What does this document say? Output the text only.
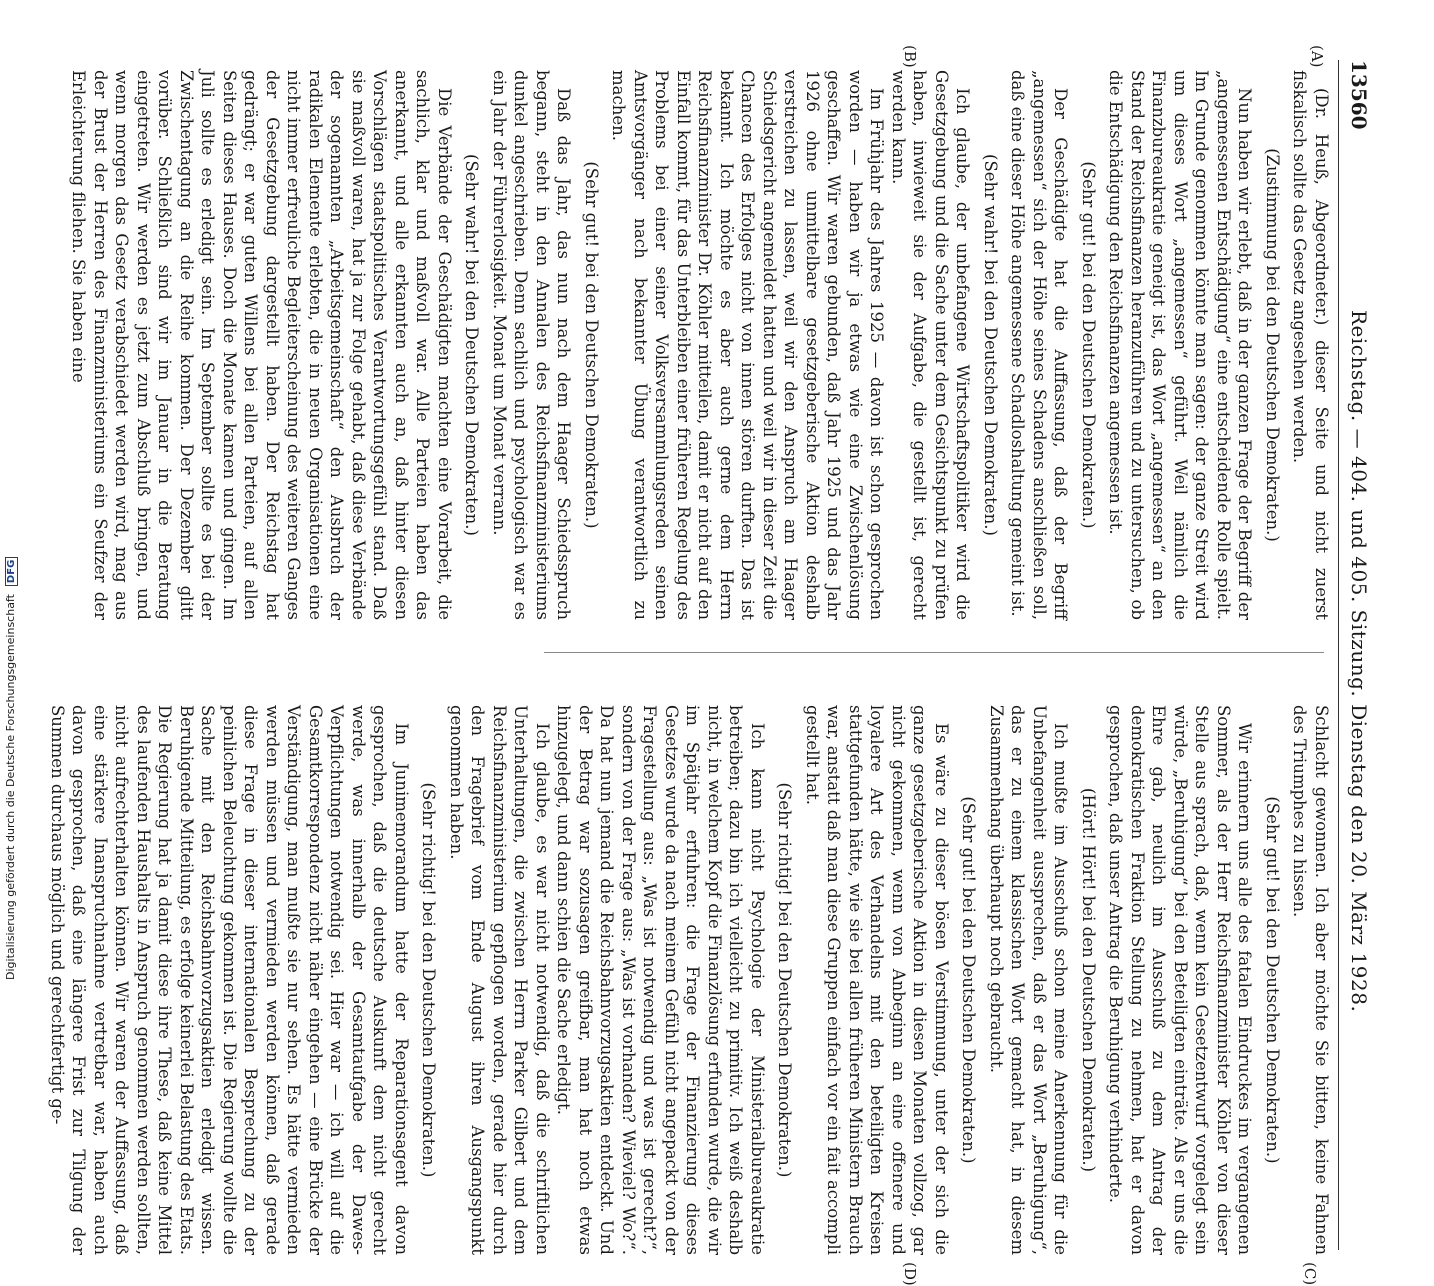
13560
Reichstag. — 404. und 405. Sitzung. Dienstag den 20. März 1928.
(A)
(B)
(C)
(D)

(Dr. Heuß, Abgeordneter.) dieser Seite und nicht zuerst fiskalisch sollte das Gesetz angesehen werden.

(Zustimmung bei den Deutschen Demokraten.)

Nun haben wir erlebt, daß in der ganzen Frage der Begriff der „angemessenen Entschädigung“ eine entscheidende Rolle spielt. Im Grunde genommen könnte man sagen: der ganze Streit wird um dieses Wort „angemessen“ geführt. Weil nämlich die Finanzbureaukratie geneigt ist, das Wort „angemessen“ an den Stand der Reichsfinanzen heranzuführen und zu untersuchen, ob die Entschädigung den Reichsfinanzen angemessen ist.

(Sehr gut! bei den Deutschen Demokraten.)

Der Geschädigte hat die Auffassung, daß der Begriff „angemessen“ sich der Höhe seines Schadens anschließen soll, daß eine dieser Höhe angemessene Schadloshaltung gemeint ist.

(Sehr wahr! bei den Deutschen Demokraten.)

Ich glaube, der unbefangene Wirtschaftspolitiker wird die Gesetzgebung und die Sache unter dem Gesichtspunkt zu prüfen haben, inwieweit sie der Aufgabe, die gestellt ist, gerecht werden kann.

Im Frühjahr des Jahres 1925 — davon ist schon gesprochen worden — haben wir ja etwas wie eine Zwischenlösung geschaffen. Wir waren gebunden, daß Jahr 1925 und das Jahr 1926 ohne unmittelbare gesetzgeberische Aktion deshalb verstreichen zu lassen, weil wir den Anspruch am Haager Schiedsgericht angemeldet hatten und weil wir in dieser Zeit die Chancen des Erfolges nicht von innen stören durften. Das ist bekannt. Ich möchte es aber auch gerne dem Herrn Reichsfinanzminister Dr. Köhler mitteilen, damit er nicht auf den Einfall kommt, für das Unterbleiben einer früheren Regelung des Problems bei einer seiner Volksversammlungsreden seinen Amtsvorgänger nach bekannter Übung verantwortlich zu machen.

(Sehr gut! bei den Deutschen Demokraten.)

Daß das Jahr, das nun nach dem Haager Schiedsspruch begann, steht in den Annalen des Reichsfinanzministeriums dunkel angeschrieben. Denn sachlich und psychologisch war es ein Jahr der Führerlosigkeit. Monat um Monat verrann.

(Sehr wahr! bei den Deutschen Demokraten.)

Die Verbände der Geschädigten machten eine Vorarbeit, die sachlich, klar und maßvoll war. Alle Parteien haben das anerkannt, und alle erkannten auch an, daß hinter diesen Vorschlägen staatspolitisches Verantwortungsgefühl stand. Daß sie maßvoll waren, hat ja zur Folge gehabt, daß diese Verbände der sogenannten „Arbeitsgemeinschaft“ den Ausbruch der radikalen Elemente erlebten, die in neuen Organisationen eine nicht immer erfreuliche Begleiterscheinung des weiteren Ganges der Gesetzgebung dargestellt haben. Der Reichstag hat gedrängt; er war guten Willens bei allen Parteien, auf allen Seiten dieses Hauses. Doch die Monate kamen und gingen. Im Juli sollte es erledigt sein. Im September sollte es bei der Zwischentagung an die Reihe kommen. Der Dezember glitt vorüber. Schließlich sind wir im Januar in die Beratung eingetreten. Wir werden es jetzt zum Abschluß bringen, und wenn morgen das Gesetz verabschiedet werden wird, mag aus der Brust der Herren des Finanzministeriums ein Seufzer der Erleichterung fliehen. Sie haben eine

Schlacht gewonnen. Ich aber möchte Sie bitten, keine Fahnen des Triumphes zu hissen.

(Sehr gut! bei den Deutschen Demokraten.)

Wir erinnern uns alle des fatalen Eindruckes im vergangenen Sommer, als der Herr Reichsfinanzminister Köhler von dieser Stelle aus sprach, daß, wenn kein Gesetzentwurf vorgelegt sein würde, „Beruhigung“ bei den Beteiligten einträte. Als er uns die Ehre gab, neulich im Ausschuß zu dem Antrag der demokratischen Fraktion Stellung zu nehmen, hat er davon gesprochen, daß unser Antrag die Beruhigung verhinderte.

(Hört! Hört! bei den Deutschen Demokraten.)

Ich mußte im Ausschuß schon meine Anerkennung für die Unbefangenheit aussprechen, daß er das Wort „Beruhigung“, das er zu einem klassischen Wort gemacht hat, in diesem Zusammenhang überhaupt noch gebraucht.

(Sehr gut! bei den Deutschen Demokraten.)

Es wäre zu dieser bösen Verstimmung, unter der sich die ganze gesetzgeberische Aktion in diesen Monaten vollzog, gar nicht gekommen, wenn von Anbeginn an eine offenere und loyalere Art des Verhandelns mit den beteiligten Kreisen stattgefunden hätte, wie sie bei allen früheren Ministern Brauch war, anstatt daß man diese Gruppen einfach vor ein fait accompli gestellt hat.

(Sehr richtig! bei den Deutschen Demokraten.)

Ich kann nicht Psychologie der Ministerialbureaukratie betreiben; dazu bin ich vielleicht zu primitiv. Ich weiß deshalb nicht, in welchem Kopf die Finanzlösung erfunden wurde, die wir im Spätjahr erfuhren: die Frage der Finanzierung dieses Gesetzes wurde da nach meinem Gefühl nicht angepackt von der Fragestellung aus: „Was ist notwendig und was ist gerecht?“, sondern von der Frage aus: „Was ist vorhanden? Wieviel? Wo?“. Da hat nun jemand die Reichsbahnvorzugsaktien entdeckt. Und der Betrag war sozusagen greifbar, man hat noch etwas hinzugelegt, und dann schien die Sache erledigt.

Ich glaube, es war nicht notwendig, daß die schriftlichen Unterhaltungen, die zwischen Herrn Parker Gilbert und dem Reichsfinanzministerium gepflogen worden, gerade hier durch den Fragebrief vom Ende August ihren Ausgangspunkt genommen haben.

(Sehr richtig! bei den Deutschen Demokraten.)

Im Junimemorandum hatte der Reparationsagent davon gesprochen, daß die deutsche Auskunft dem nicht gerecht werde, was innerhalb der Gesamtaufgabe der Dawes-Verpflichtungen notwendig sei. Hier war — ich will auf die Gesamtkorrespondenz nicht näher eingehen — eine Brücke der Verständigung, man mußte sie nur sehen. Es hätte vermieden werden müssen und vermieden werden können, daß gerade diese Frage in dieser internationalen Besprechung zu der peinlichen Beleuchtung gekommen ist. Die Regierung wollte die Sache mit den Reichsbahnvorzugsaktien erledigt wissen. Beruhigende Mitteilung, es erfolge keinerlei Belastung des Etats. Die Regierung hat ja damit diese ihre These, daß keine Mittel des laufenden Haushalts in Anspruch genommen werden sollten, nicht aufrechterhalten können. Wir waren der Auffassung, daß eine stärkere Inanspruchnahme vertretbar war, haben auch davon gesprochen, daß eine längere Frist zur Tilgung der Summen durchaus möglich und gerechtfertigt ge-

Digitalisierung gefördert durch die Deutsche ForschungsgemeinschaftDFG
